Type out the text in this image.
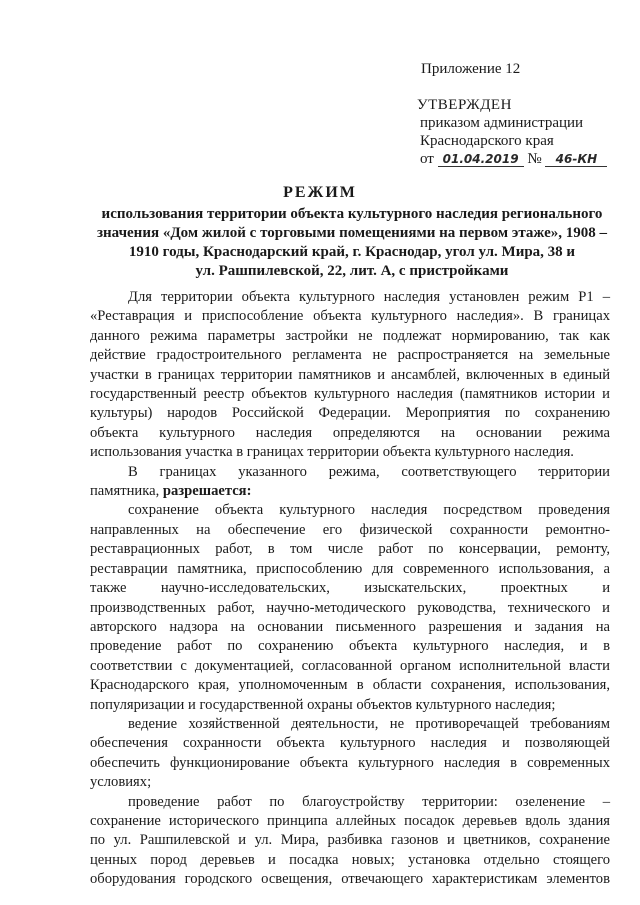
Приложение 12
УТВЕРЖДЕН
приказом администрации
Краснодарского края
от 01.04.2019 № 46-КН
РЕЖИМ
использования территории объекта культурного наследия регионального
значения «Дом жилой с торговыми помещениями на первом этаже», 1908 –
1910 годы, Краснодарский край, г. Краснодар, угол ул. Мира, 38 и
ул. Рашпилевской, 22, лит. А, с пристройками
Для территории объекта культурного наследия установлен режим Р1 –
«Реставрация и приспособление объекта культурного наследия». В границах
данного режима параметры застройки не подлежат нормированию, так как
действие градостроительного регламента не распространяется на земельные
участки в границах территории памятников и ансамблей, включенных в единый
государственный реестр объектов культурного наследия (памятников истории и
культуры) народов Российской Федерации. Мероприятия по сохранению
объекта культурного наследия определяются на основании режима
использования участка в границах территории объекта культурного наследия.
В границах указанного режима, соответствующего территории
памятника, разрешается:
сохранение объекта культурного наследия посредством проведения
направленных на обеспечение его физической сохранности ремонтно-
реставрационных работ, в том числе работ по консервации, ремонту,
реставрации памятника, приспособлению для современного использования, а
также научно-исследовательских, изыскательских, проектных и
производственных работ, научно-методического руководства, технического и
авторского надзора на основании письменного разрешения и задания на
проведение работ по сохранению объекта культурного наследия, и в
соответствии с документацией, согласованной органом исполнительной власти
Краснодарского края, уполномоченным в области сохранения, использования,
популяризации и государственной охраны объектов культурного наследия;
ведение хозяйственной деятельности, не противоречащей требованиям
обеспечения сохранности объекта культурного наследия и позволяющей
обеспечить функционирование объекта культурного наследия в современных
условиях;
проведение работ по благоустройству территории: озеленение –
сохранение исторического принципа аллейных посадок деревьев вдоль здания
по ул. Рашпилевской и ул. Мира, разбивка газонов и цветников, сохранение
ценных пород деревьев и посадка новых; установка отдельно стоящего
оборудования городского освещения, отвечающего характеристикам элементов
